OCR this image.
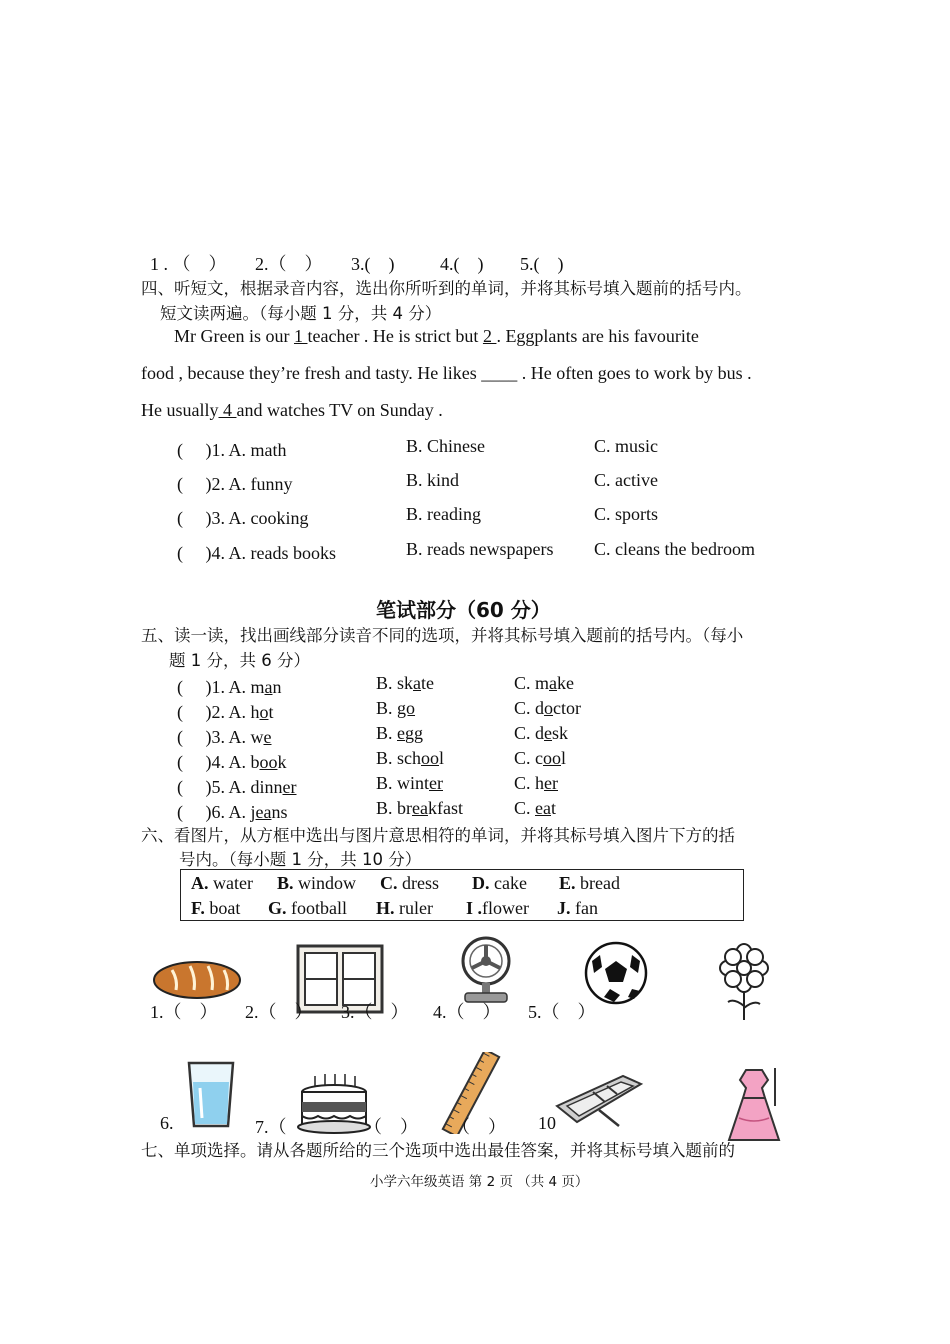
1 . （　） 2.（　） 3.(　)	4.(　) 5.(　)
四、听短文，根据录音内容，选出你所听到的单词，并将其标号填入题前的括号内。
短文读两遍。（每小题 1 分，共 4 分）
Mr Green is our 1 teacher . He is strict but 2 . Eggplants are his favourite
food , because they’re fresh and tasty. He likes ____ . He often goes to work by bus .
He usually 4 and watches TV on Sunday .
(　 )1. A. math	B. Chinese	C. music
(　 )2. A. funny	B. kind	C. active
(　 )3. A. cooking	B. reading	C. sports
(　 )4. A. reads books	B. reads newspapers C. cleans the bedroom
笔试部分（60 分）
五、读一读，找出画线部分读音不同的选项，并将其标号填入题前的括号内。（每小
题 1 分，共 6 分）
(　 )1. A. man	B. skate	C. make
(　 )2. A. hot	B. go	C. doctor
(　 )3. A. we	B. egg	C. desk
(　 )4. A. book	B. school	C. cool
(　 )5. A. dinner	B. winter	C. her
(　 )6. A. jeans	B. breakfast	C. eat
六、看图片，从方框中选出与图片意思相符的单词，并将其标号填入图片下方的括
号内。（每小题 1 分，共 10 分）
A. water B. window C. dress D. cake E. bread
F. boat G. football H. ruler I .flower J. fan
1.（　） 2.（　） 3.（　） 4.（　） 5.（　）
6.	7.（	（　） （　） 10
七、单项选择。请从各题所给的三个选项中选出最佳答案，并将其标号填入题前的
小学六年级英语 第 2 页 （共 4 页）
